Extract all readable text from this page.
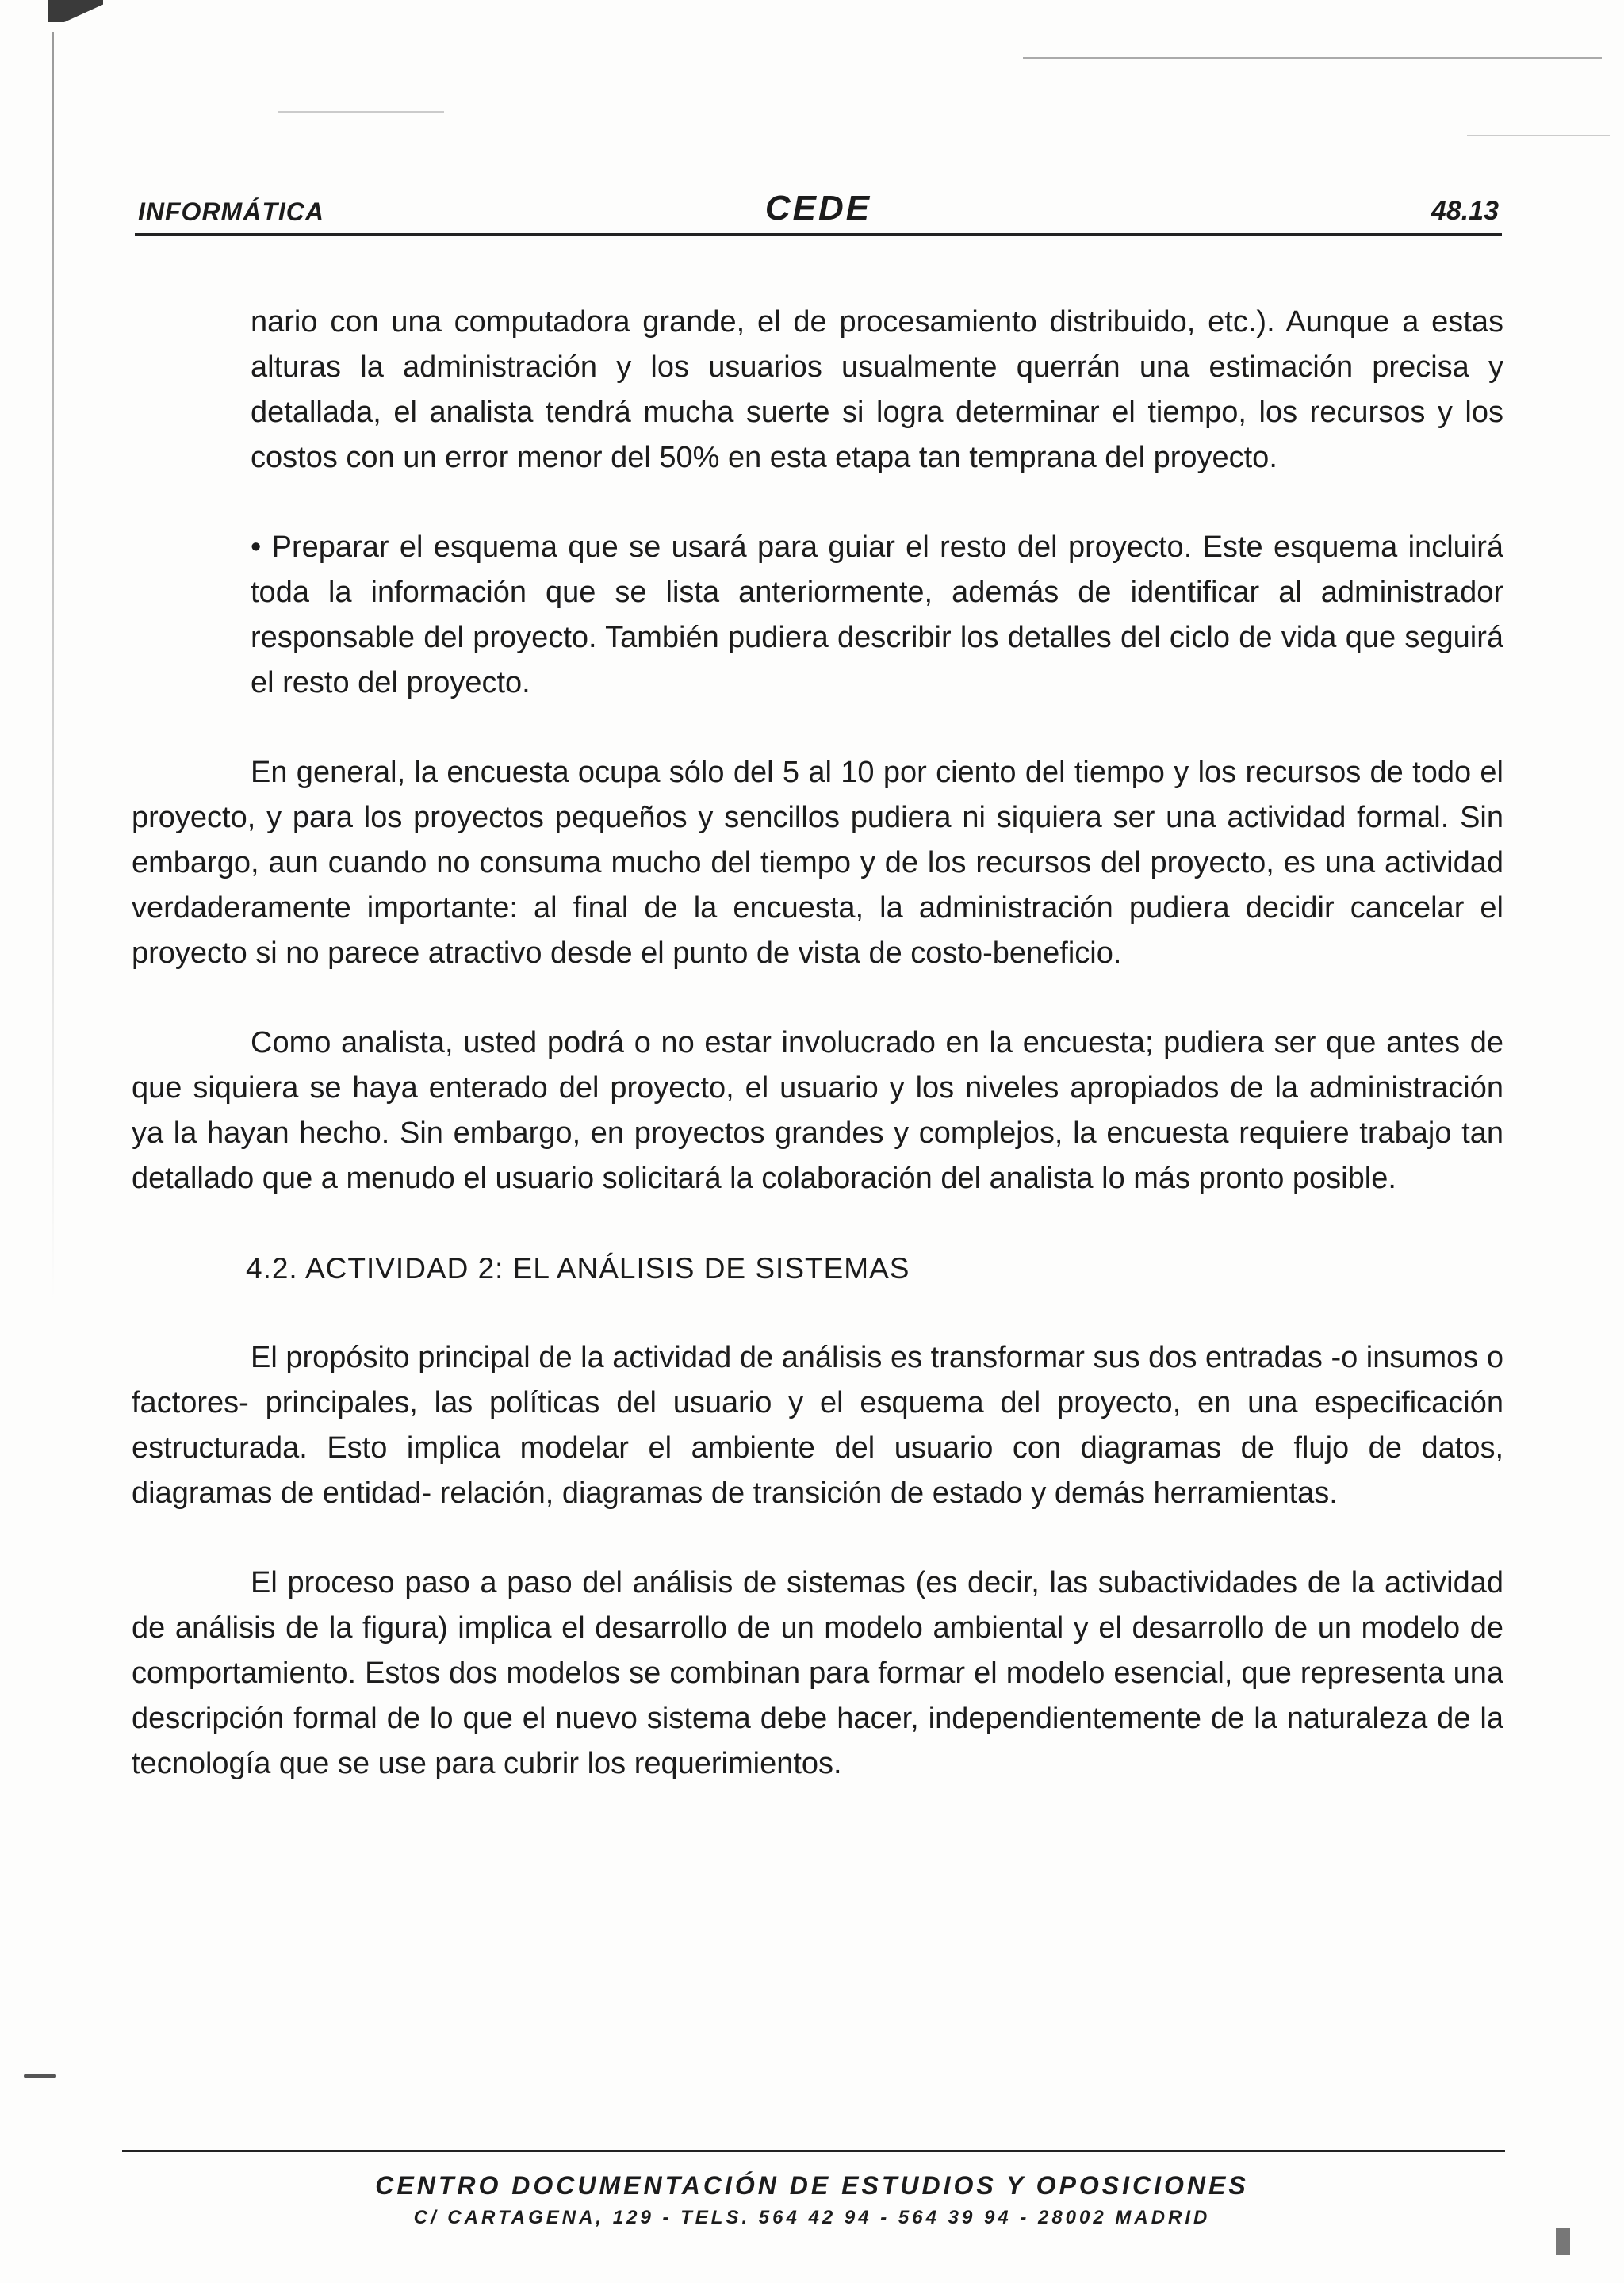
INFORMÁTICA	CEDE	48.13

nario con una computadora grande, el de procesamiento distribuido, etc.). Aunque a estas alturas la administración y los usuarios usualmente querrán una estimación precisa y detallada, el analista tendrá mucha suerte si logra determinar el tiempo, los recursos y los costos con un error menor del 50% en esta etapa tan temprana del proyecto.

• Preparar el esquema que se usará para guiar el resto del proyecto. Este esquema incluirá toda la información que se lista anteriormente, además de identificar al administrador responsable del proyecto. También pudiera describir los detalles del ciclo de vida que seguirá el resto del proyecto.

En general, la encuesta ocupa sólo del 5 al 10 por ciento del tiempo y los recursos de todo el proyecto, y para los proyectos pequeños y sencillos pudiera ni siquiera ser una actividad formal. Sin embargo, aun cuando no consuma mucho del tiempo y de los recursos del proyecto, es una actividad verdaderamente importante: al final de la encuesta, la administración pudiera decidir cancelar el proyecto si no parece atractivo desde el punto de vista de costo-beneficio.

Como analista, usted podrá o no estar involucrado en la encuesta; pudiera ser que antes de que siquiera se haya enterado del proyecto, el usuario y los niveles apropiados de la administración ya la hayan hecho. Sin embargo, en proyectos grandes y complejos, la encuesta requiere trabajo tan detallado que a menudo el usuario solicitará la colaboración del analista lo más pronto posible.

4.2. ACTIVIDAD 2: EL ANÁLISIS DE SISTEMAS

El propósito principal de la actividad de análisis es transformar sus dos entradas -o insumos o factores- principales, las políticas del usuario y el esquema del proyecto, en una especificación estructurada. Esto implica modelar el ambiente del usuario con diagramas de flujo de datos, diagramas de entidad- relación, diagramas de transición de estado y demás herramientas.

El proceso paso a paso del análisis de sistemas (es decir, las subactividades de la actividad de análisis de la figura) implica el desarrollo de un modelo ambiental y el desarrollo de un modelo de comportamiento. Estos dos modelos se combinan para formar el modelo esencial, que representa una descripción formal de lo que el nuevo sistema debe hacer, independientemente de la naturaleza de la tecnología que se use para cubrir los requerimientos.

CENTRO DOCUMENTACIÓN DE ESTUDIOS Y OPOSICIONES
C/ CARTAGENA, 129 - TELS. 564 42 94 - 564 39 94 - 28002 MADRID
